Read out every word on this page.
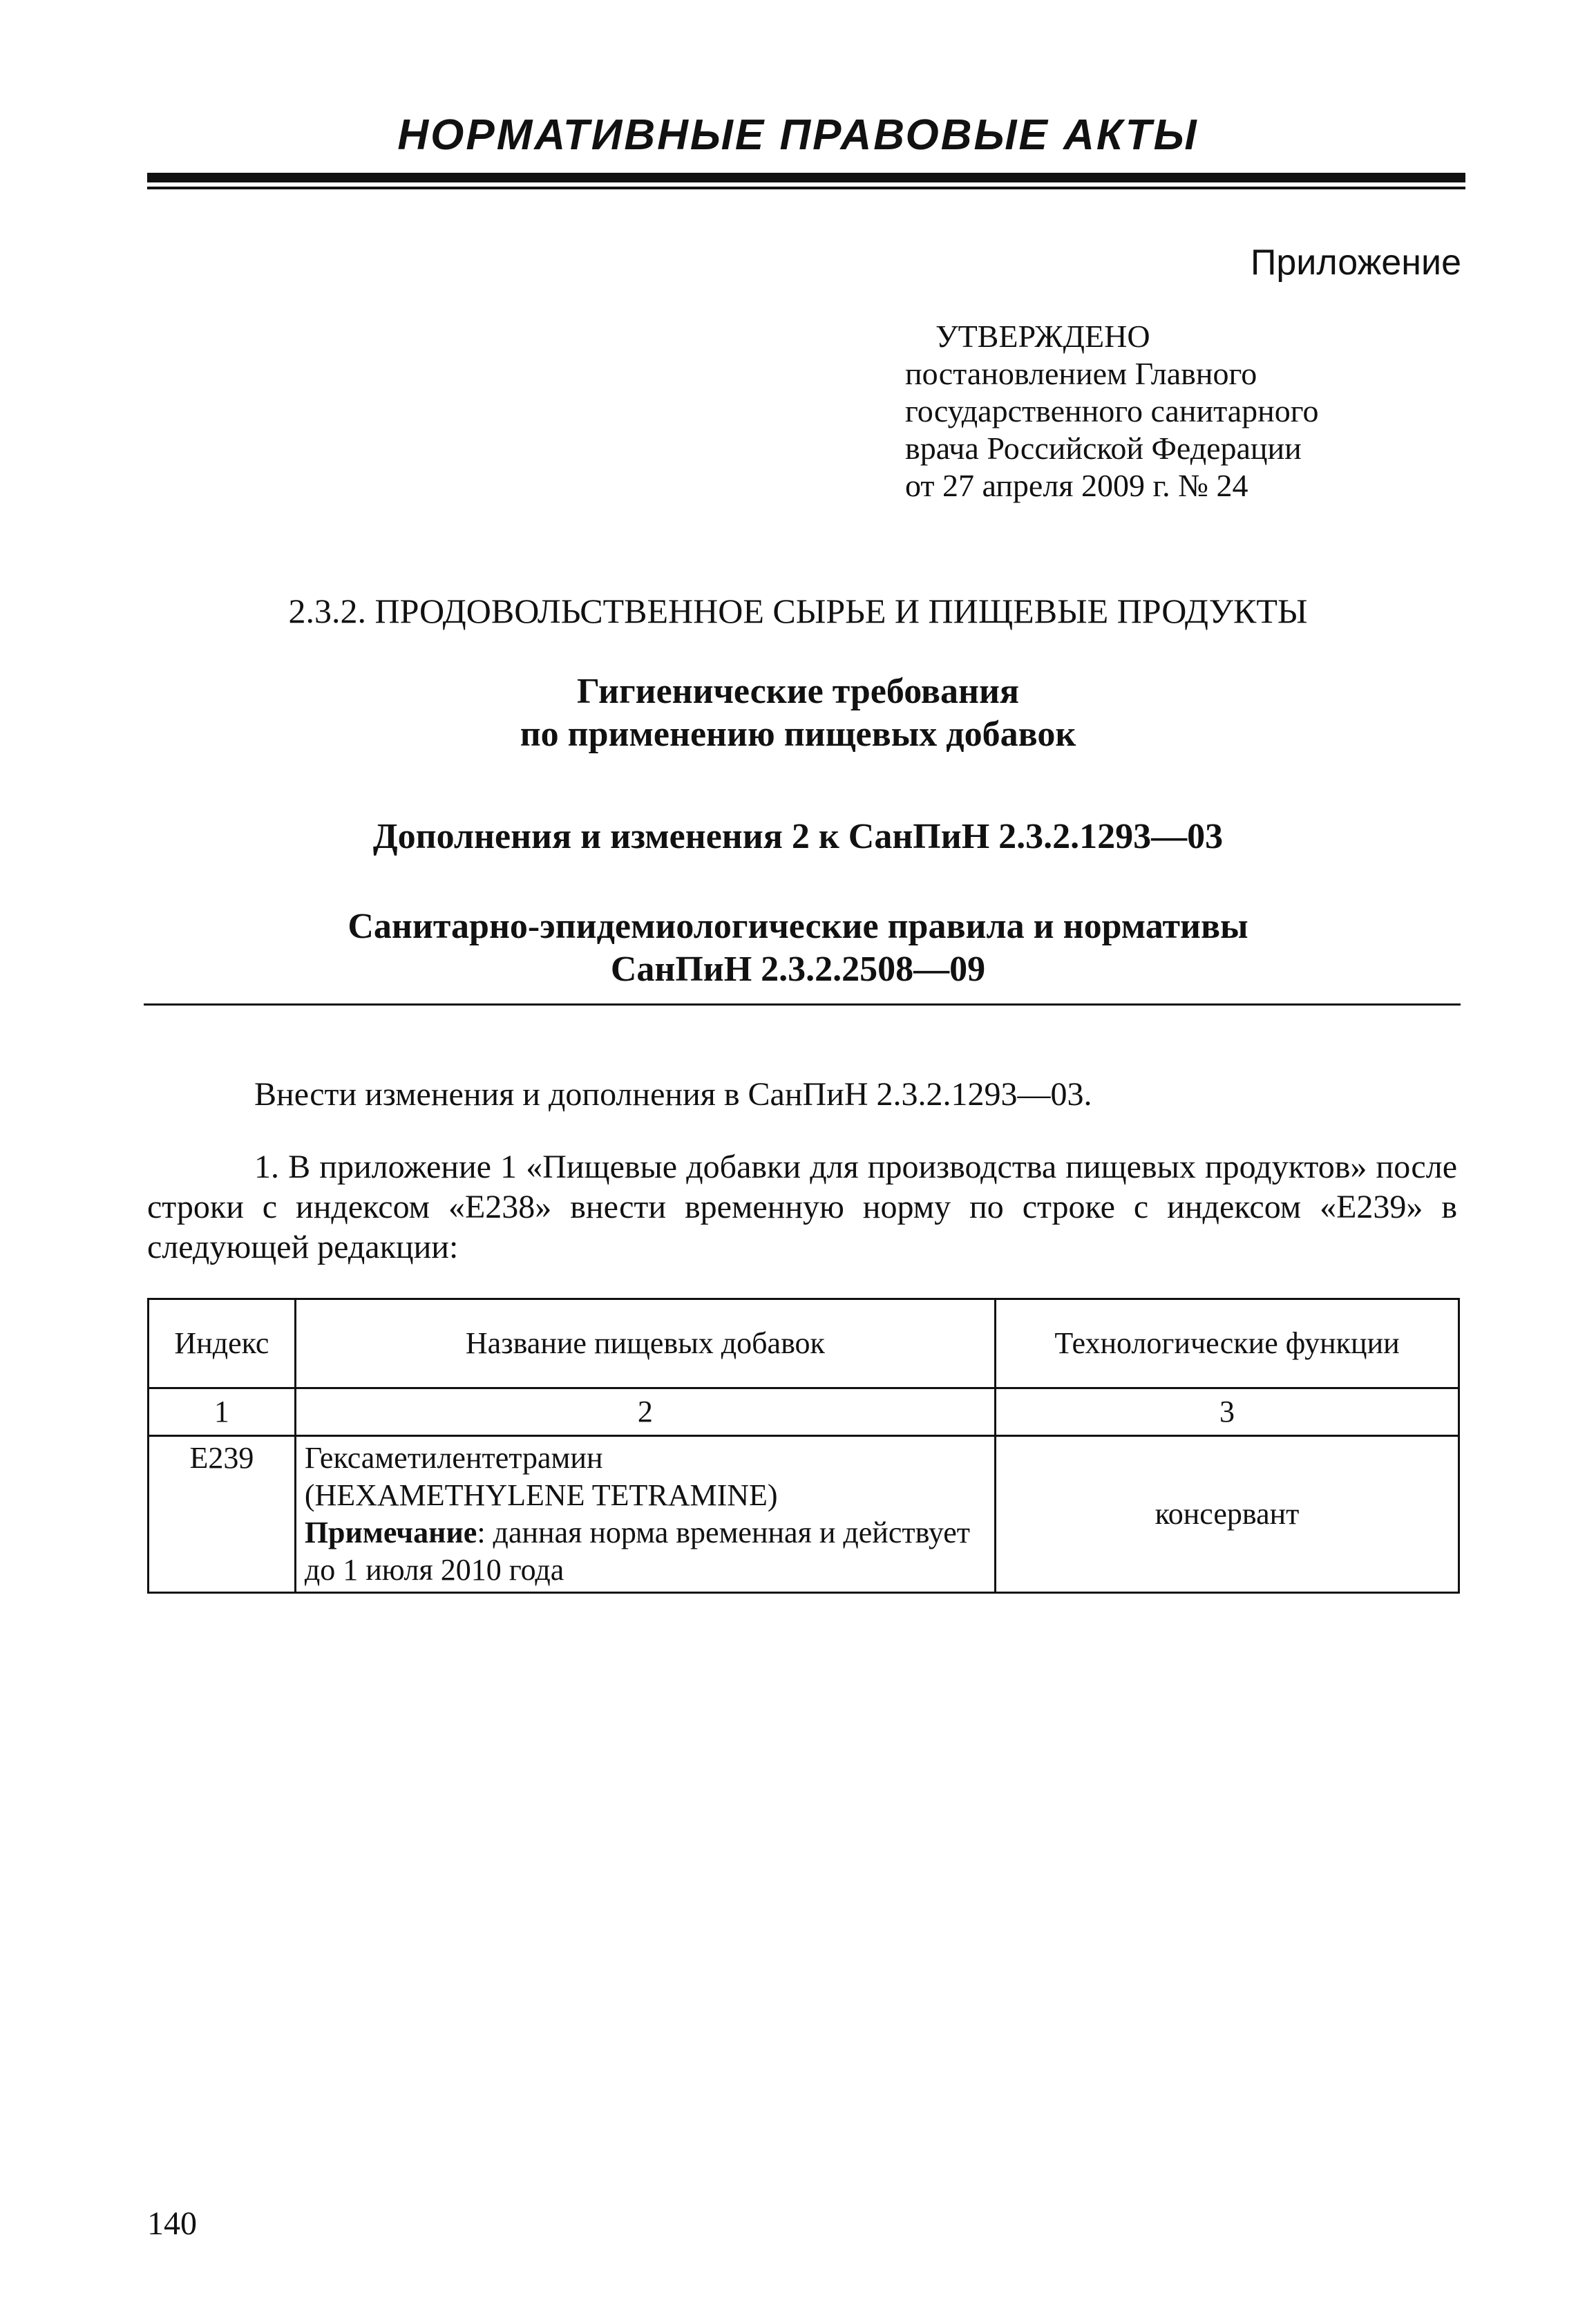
НОРМАТИВНЫЕ ПРАВОВЫЕ АКТЫ
Приложение
УТВЕРЖДЕНО
постановлением Главного
государственного санитарного
врача Российской Федерации
от 27 апреля 2009 г. № 24
2.3.2. ПРОДОВОЛЬСТВЕННОЕ СЫРЬЕ И ПИЩЕВЫЕ ПРОДУКТЫ
Гигиенические требования
по применению пищевых добавок
Дополнения и изменения 2 к СанПиН 2.3.2.1293—03
Санитарно-эпидемиологические правила и нормативы
СанПиН 2.3.2.2508—09
Внести изменения и дополнения в СанПиН 2.3.2.1293—03.
1. В приложение 1 «Пищевые добавки для производства пищевых продуктов» после строки с индексом «Е238» внести временную норму по строке с индексом «Е239» в следующей редакции:
Индекс	Название пищевых добавок	Технологические функции
1	2	3
Е239	Гексаметилентетрамин
(HEXAMETHYLENE TETRAMINE)
Примечание: данная норма временная и действует до 1 июля 2010 года	консервант
140
